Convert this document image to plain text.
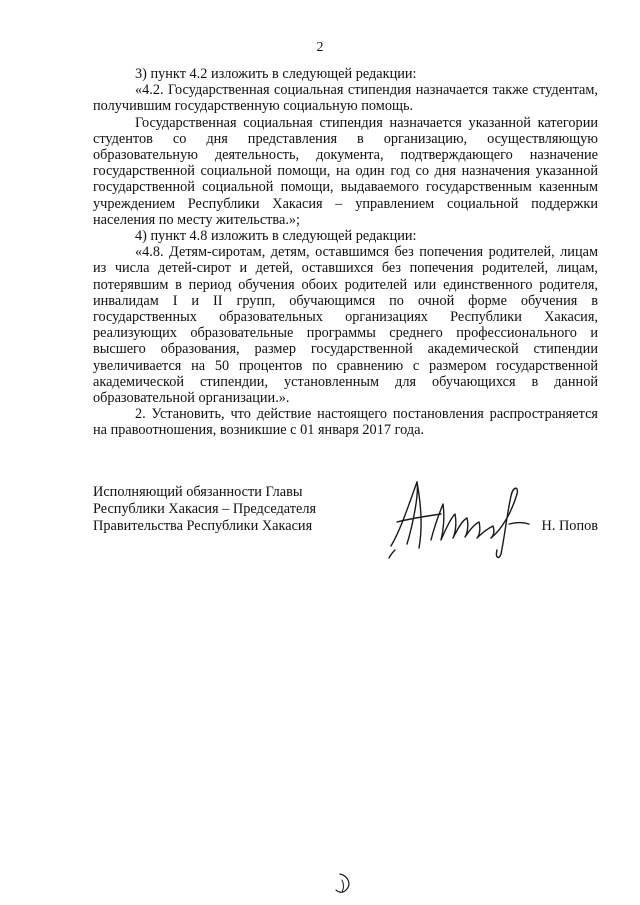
2

3) пункт 4.2 изложить в следующей редакции:

«4.2. Государственная социальная стипендия назначается также студентам, получившим государственную социальную помощь.

Государственная социальная стипендия назначается указанной категории студентов со дня представления в организацию, осуществляющую образовательную деятельность, документа, подтверждающего назначение государственной социальной помощи, на один год со дня назначения указанной государственной социальной помощи, выдаваемого государственным казенным учреждением Республики Хакасия – управлением социальной поддержки населения по месту жительства.»;

4) пункт 4.8 изложить в следующей редакции:

«4.8. Детям-сиротам, детям, оставшимся без попечения родителей, лицам из числа детей-сирот и детей, оставшихся без попечения родителей, лицам, потерявшим в период обучения обоих родителей или единственного родителя, инвалидам I и II групп, обучающимся по очной форме обучения в государственных образовательных организациях Республики Хакасия, реализующих образовательные программы среднего профессионального и высшего образования, размер государственной академической стипендии увеличивается на 50 процентов по сравнению с размером государственной академической стипендии, установленным для обучающихся в данной образовательной организации.».

2. Установить, что действие настоящего постановления распространяется на правоотношения, возникшие с 01 января 2017 года.

Исполняющий обязанности Главы
Республики Хакасия – Председателя
Правительства Республики Хакасия	Н. Попов
